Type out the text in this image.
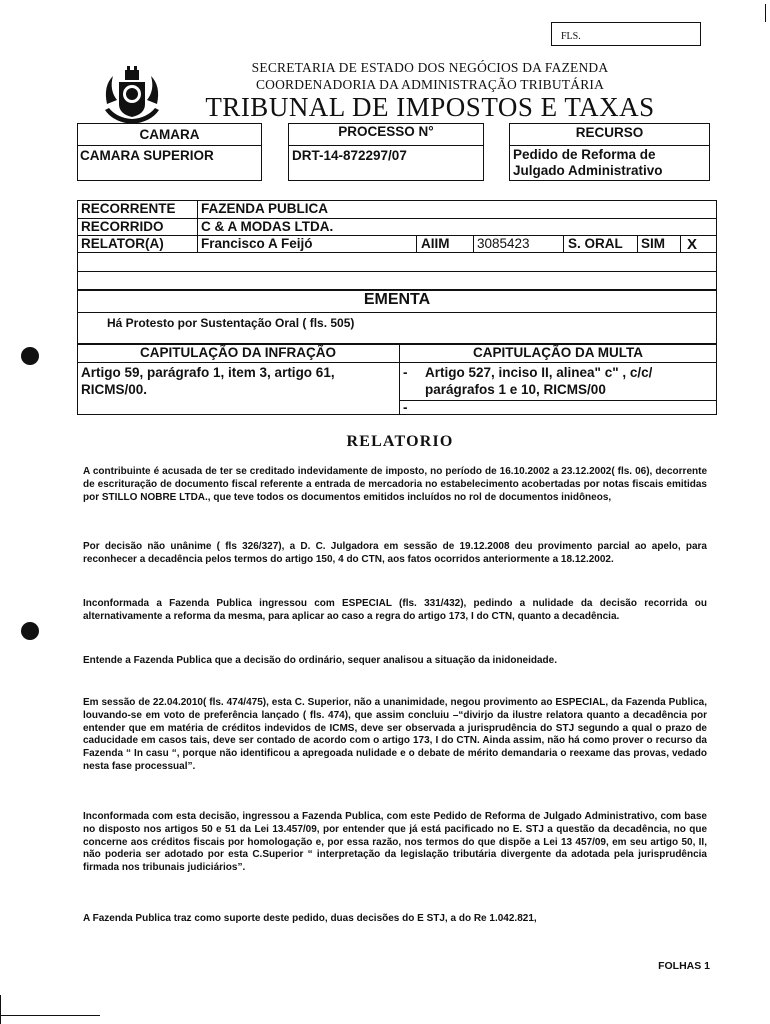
FLS.
SECRETARIA DE ESTADO DOS NEGÓCIOS DA FAZENDA
COORDENADORIA DA ADMINISTRAÇÃO TRIBUTÁRIA
TRIBUNAL DE IMPOSTOS E TAXAS
CAMARA
CAMARA SUPERIOR
PROCESSO N°
DRT-14-872297/07
RECURSO
Pedido de Reforma de
Julgado Administrativo
RECORRENTE FAZENDA PUBLICA
RECORRIDO	C & A MODAS LTDA.
RELATOR(A)	Francisco A Feijó	AIIM 3085423	S. ORAL SIM X
EMENTA
Há Protesto por Sustentação Oral ( fls. 505)
CAPITULAÇÃO DA INFRAÇÃO	CAPITULAÇÃO DA MULTA
Artigo 59, parágrafo 1, item 3, artigo 61,
RICMS/00.
- Artigo 527, inciso II, alinea" c" , c/c/
parágrafos 1 e 10, RICMS/00
-
RELATORIO

A contribuinte é acusada de ter se creditado indevidamente de imposto, no período de 16.10.2002 a 23.12.2002( fls. 06), decorrente de escrituração de documento fiscal referente a entrada de mercadoria no estabelecimento acobertadas por notas fiscais emitidas por STILLO NOBRE LTDA., que teve todos os documentos emitidos incluídos no rol de documentos inidôneos,

Por decisão não unânime ( fls 326/327), a D. C. Julgadora em sessão de 19.12.2008 deu provimento parcial ao apelo, para reconhecer a decadência pelos termos do artigo 150, 4 do CTN, aos fatos ocorridos anteriormente a 18.12.2002.

Inconformada a Fazenda Publica ingressou com ESPECIAL (fls. 331/432), pedindo a nulidade da decisão recorrida ou alternativamente a reforma da mesma, para aplicar ao caso a regra do artigo 173, I do CTN, quanto a decadência.

Entende a Fazenda Publica que a decisão do ordinário, sequer analisou a situação da inidoneidade.

Em sessão de 22.04.2010( fls. 474/475), esta C. Superior, não a unanimidade, negou provimento ao ESPECIAL, da Fazenda Publica, louvando-se em voto de preferência lançado ( fls. 474), que assim concluiu –“divirjo da ilustre relatora quanto a decadência por entender que em matéria de créditos indevidos de ICMS, deve ser observada a jurisprudência do STJ segundo a qual o prazo de caducidade em casos tais, deve ser contado de acordo com o artigo 173, I do CTN. Ainda assim, não há como prover o recurso da Fazenda “ In casu “, porque não identificou a apregoada nulidade e o debate de mérito demandaria o reexame das provas, vedado nesta fase processual”.

Inconformada com esta decisão, ingressou a Fazenda Publica, com este Pedido de Reforma de Julgado Administrativo, com base no disposto nos artigos 50 e 51 da Lei 13.457/09, por entender que já está pacificado no E. STJ a questão da decadência, no que concerne aos créditos fiscais por homologação e, por essa razão, nos termos do que dispõe a Lei 13 457/09, em seu artigo 50, II, não poderia ser adotado por esta C.Superior “ interpretação da legislação tributária divergente da adotada pela jurisprudência firmada nos tribunais judiciários”.

A Fazenda Publica traz como suporte deste pedido, duas decisões do E STJ, a do Re 1.042.821,

FOLHAS 1
